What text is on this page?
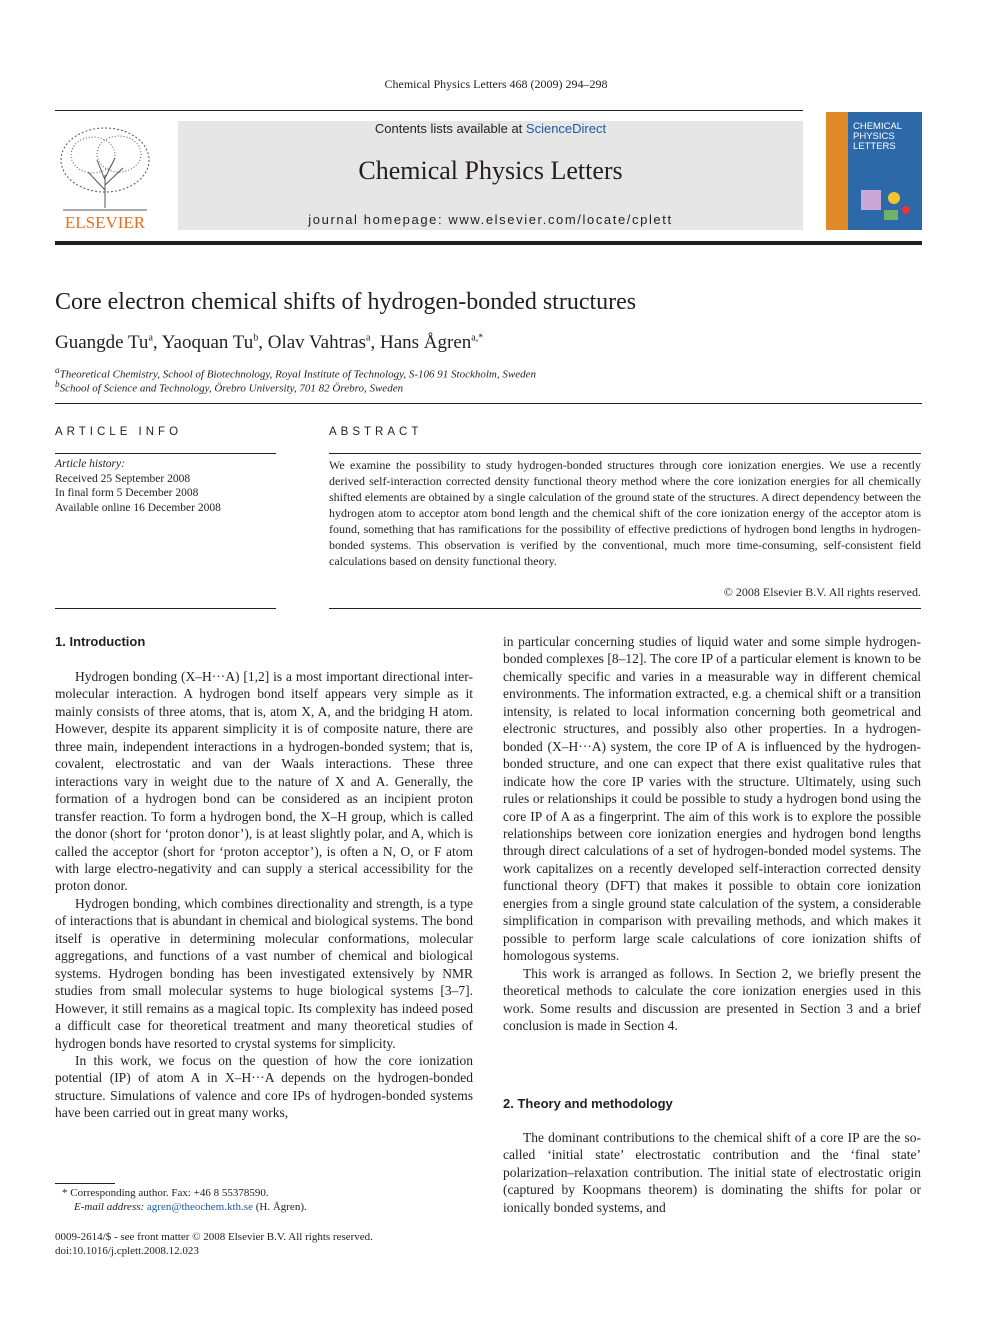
Chemical Physics Letters 468 (2009) 294–298
ELSEVIER
Contents lists available at ScienceDirect
Chemical Physics Letters
journal homepage: www.elsevier.com/locate/cplett
CHEMICAL
PHYSICS
LETTERS
Core electron chemical shifts of hydrogen-bonded structures
Guangde Tu$^a$, Yaoquan Tu$^b$, Olav Vahtras$^a$, Hans Ågren$^{a,*}$
$^a$Theoretical Chemistry, School of Biotechnology, Royal Institute of Technology, S-106 91 Stockholm, Sweden
$^b$School of Science and Technology, Örebro University, 701 82 Örebro, Sweden
ARTICLE INFO	ABSTRACT
Article history:
Received 25 September 2008
In final form 5 December 2008
Available online 16 December 2008
We examine the possibility to study hydrogen-bonded structures through core ionization energies. We use a recently derived self-interaction corrected density functional theory method where the core ionization energies for all chemically shifted elements are obtained by a single calculation of the ground state of the structures. A direct dependency between the hydrogen atom to acceptor atom bond length and the chemical shift of the core ionization energy of the acceptor atom is found, something that has ramifications for the possibility of effective predictions of hydrogen bond lengths in hydrogen-bonded systems. This observation is verified by the conventional, much more time-consuming, self-consistent field calculations based on density functional theory.
© 2008 Elsevier B.V. All rights reserved.
1. Introduction

Hydrogen bonding (X–H···A) [1,2] is a most important directional inter-molecular interaction. A hydrogen bond itself appears very simple as it mainly consists of three atoms, that is, atom X, A, and the bridging H atom. However, despite its apparent simplicity it is of composite nature, there are three main, independent interactions in a hydrogen-bonded system; that is, covalent, electrostatic and van der Waals interactions. These three interactions vary in weight due to the nature of X and A. Generally, the formation of a hydrogen bond can be considered as an incipient proton transfer reaction. To form a hydrogen bond, the X–H group, which is called the donor (short for ‘proton donor’), is at least slightly polar, and A, which is called the acceptor (short for ‘proton acceptor’), is often a N, O, or F atom with large electro-negativity and can supply a sterical accessibility for the proton donor.

Hydrogen bonding, which combines directionality and strength, is a type of interactions that is abundant in chemical and biological systems. The bond itself is operative in determining molecular conformations, molecular aggregations, and functions of a vast number of chemical and biological systems. Hydrogen bonding has been investigated extensively by NMR studies from small molecular systems to huge biological systems [3–7]. However, it still remains as a magical topic. Its complexity has indeed posed a difficult case for theoretical treatment and many theoretical studies of hydrogen bonds have resorted to crystal systems for simplicity.

In this work, we focus on the question of how the core ionization potential (IP) of atom A in X–H···A depends on the hydrogen-bonded structure. Simulations of valence and core IPs of hydrogen-bonded systems have been carried out in great many works,

in particular concerning studies of liquid water and some simple hydrogen-bonded complexes [8–12]. The core IP of a particular element is known to be chemically specific and varies in a measurable way in different chemical environments. The information extracted, e.g. a chemical shift or a transition intensity, is related to local information concerning both geometrical and electronic structures, and possibly also other properties. In a hydrogen-bonded (X–H···A) system, the core IP of A is influenced by the hydrogen-bonded structure, and one can expect that there exist qualitative rules that indicate how the core IP varies with the structure. Ultimately, using such rules or relationships it could be possible to study a hydrogen bond using the core IP of A as a fingerprint. The aim of this work is to explore the possible relationships between core ionization energies and hydrogen bond lengths through direct calculations of a set of hydrogen-bonded model systems. The work capitalizes on a recently developed self-interaction corrected density functional theory (DFT) that makes it possible to obtain core ionization energies from a single ground state calculation of the system, a considerable simplification in comparison with prevailing methods, and which makes it possible to perform large scale calculations of core ionization shifts of homologous systems.

This work is arranged as follows. In Section 2, we briefly present the theoretical methods to calculate the core ionization energies used in this work. Some results and discussion are presented in Section 3 and a brief conclusion is made in Section 4.

2. Theory and methodology

The dominant contributions to the chemical shift of a core IP are the so-called ‘initial state’ electrostatic contribution and the ‘final state’ polarization–relaxation contribution. The initial state of electrostatic origin (captured by Koopmans theorem) is dominating the shifts for polar or ionically bonded systems, and

* Corresponding author. Fax: +46 8 55378590.
E-mail address: agren@theochem.kth.se (H. Ågren).
0009-2614/$ - see front matter © 2008 Elsevier B.V. All rights reserved.
doi:10.1016/j.cplett.2008.12.023
